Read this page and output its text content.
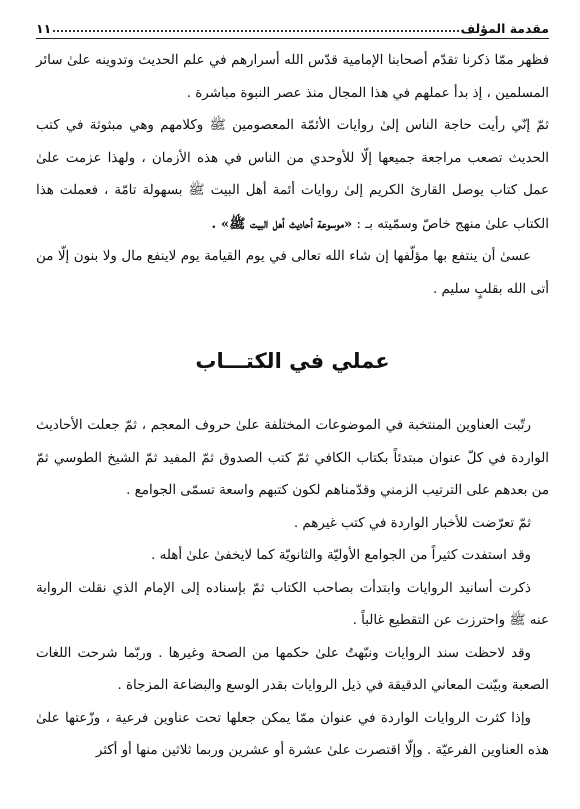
مقدمة المؤلف
١١

فظهر ممّا ذكرنا تقدّم أصحابنا الإمامية قدّس الله أسرارهم في علم الحديث وتدوينه علىٰ سائر المسلمين ، إذ بدأ عملهم في هذا المجال منذ عصر النبوة مباشرة .

ثمّ إنّي رأيت حاجة الناس إلىٰ روايات الأئمّة المعصومين ﷺ وكلامهم وهي مبثوثة في كتب الحديث تصعب مراجعة جميعها إلّا للأوحدي من الناس في هذه الأزمان ، ولهذا عزمت علىٰ عمل كتاب يوصل القارئ الكريم إلىٰ روايات أئمة أهل البيت ﷺ بسهولة تامّة ، فعملت هذا الكتاب علىٰ منهج خاصّ وسمّيته بـ : «موسوعة أحاديث أهل البيت ﷺ» .

عسىٰ أن ينتفع بها مؤلّفها إن شاء الله تعالى في يوم القيامة يوم لاينفع مال ولا بنون إلّا من أتى الله بقلبٍ سليم .

عملي في الكتـــاب

رتّبت العناوين المنتخبة في الموضوعات المختلفة علىٰ حروف المعجم ، ثمّ جعلت الأحاديث الواردة في كلّ عنوان مبتدئاً بكتاب الكافي ثمّ كتب الصدوق ثمّ المفيد ثمّ الشيخ الطوسي ثمّ من بعدهم على الترتيب الزمني وقدّمناهم لكون كتبهم واسعة تسمّى الجوامع .

ثمّ تعرّضت للأخبار الواردة في كتب غيرهم .

وقد استفدت كثيراً من الجوامع الأوليّة والثانويّة كما لايخفىٰ علىٰ أهله .

ذكرت أسانيد الروايات وابتدأت بصاحب الكتاب ثمّ بإسناده إلى الإمام الذي نقلت الرواية عنه ﷺ واحترزت عن التقطيع غالباً .

وقد لاحظت سند الروايات ونبّهتُ علىٰ حكمها من الصحة وغيرها . وربّما شرحت اللغات الصعبة وبيّنت المعاني الدقيقة في ذيل الروايات بقدر الوسع والبضاعة المزجاة .

وإذا كثرت الروايات الواردة في عنوان ممّا يمكن جعلها تحت عناوين فرعية ، وزّعتها علىٰ هذه العناوين الفرعيّة . وإلّا اقتصرت علىٰ عشرة أو عشرين وربما ثلاثين منها أو أكثر
